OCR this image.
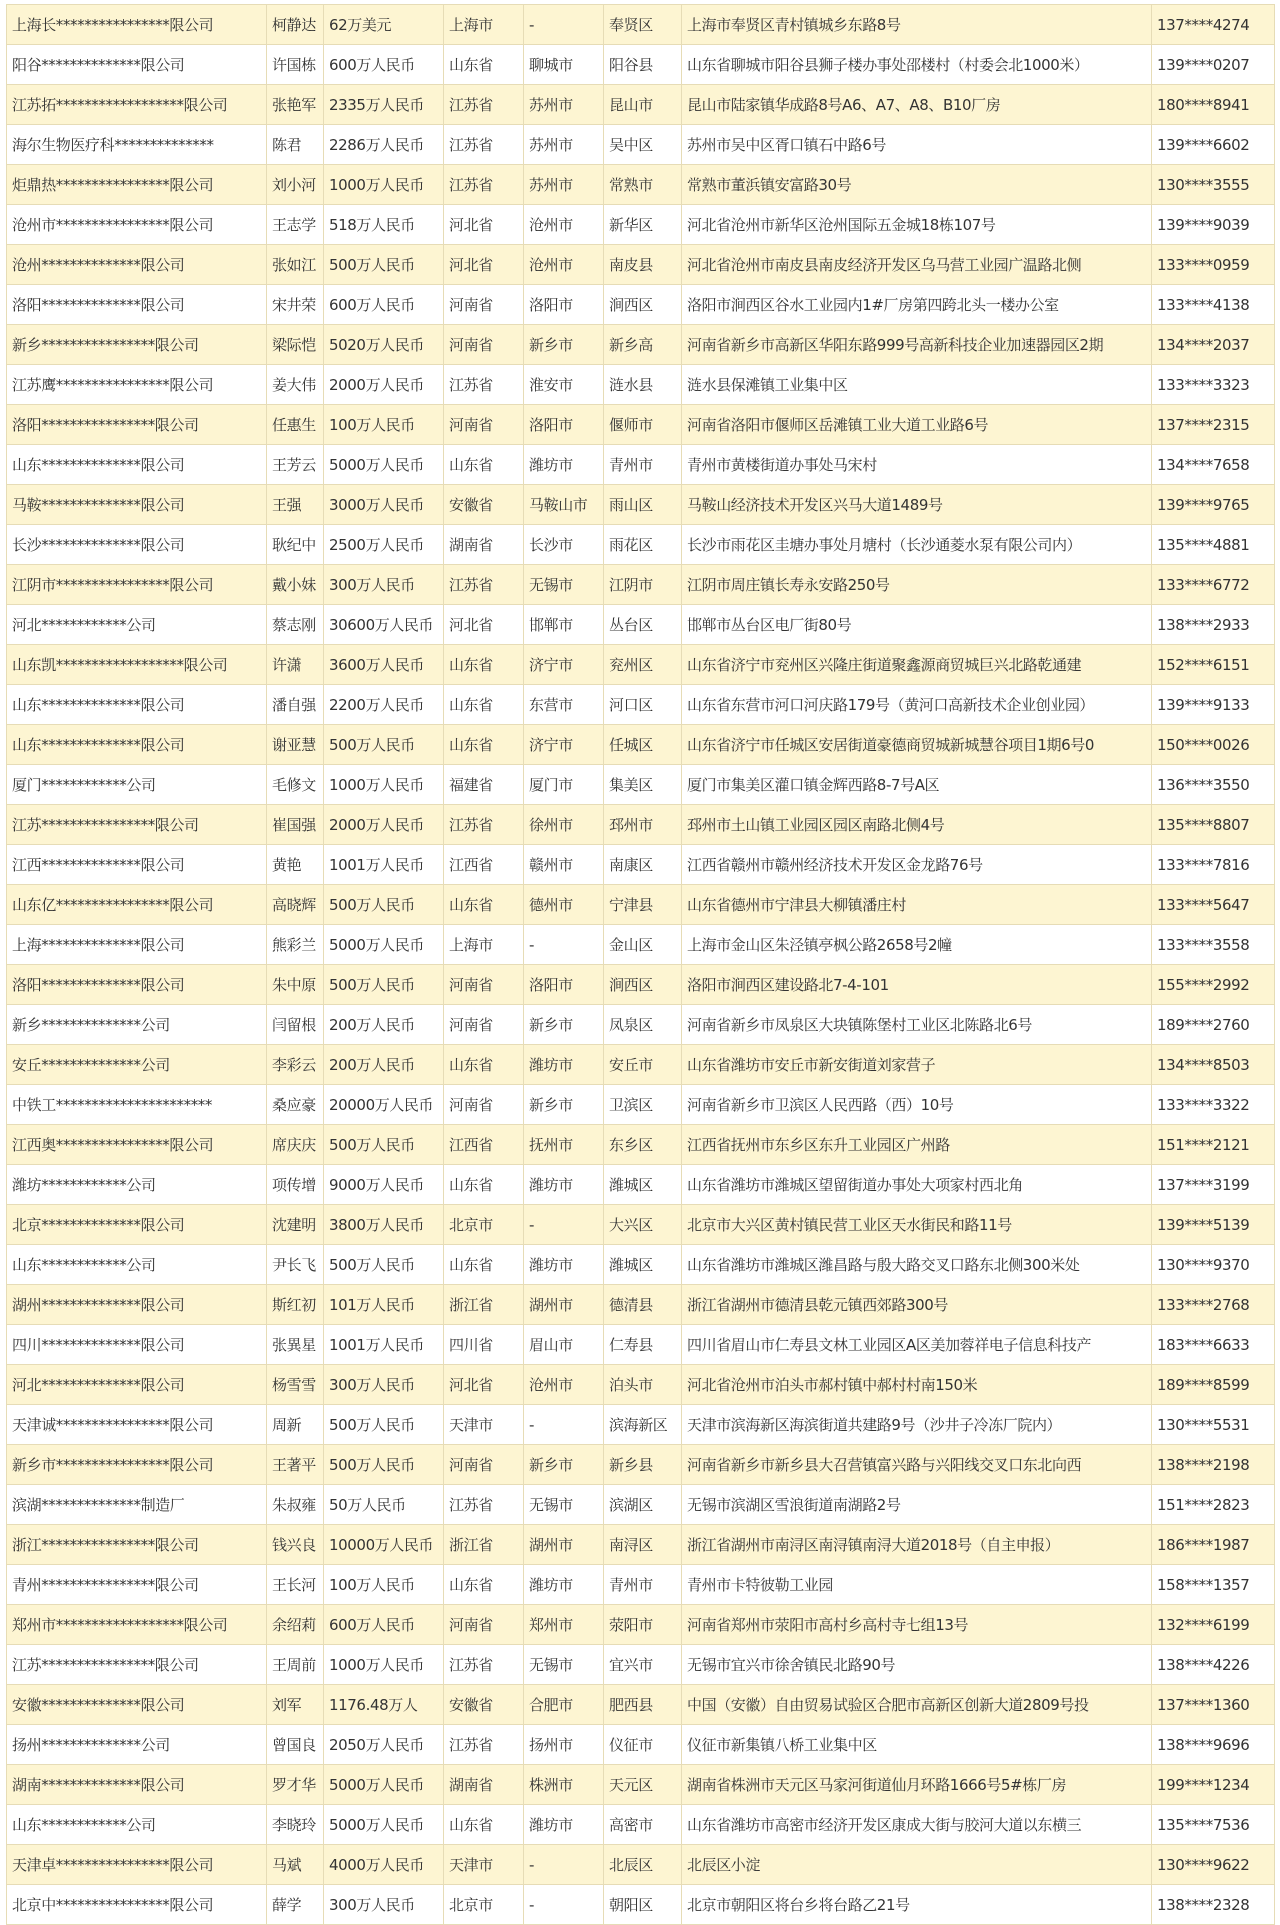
上海长****************限公司	柯静达	62万美元	上海市	-	奉贤区	上海市奉贤区青村镇城乡东路8号	137****4274
阳谷**************限公司	许国栋	600万人民币	山东省	聊城市	阳谷县	山东省聊城市阳谷县狮子楼办事处邵楼村（村委会北1000米）	139****0207
江苏拓******************限公司	张艳军	2335万人民币	江苏省	苏州市	昆山市	昆山市陆家镇华成路8号A6、A7、A8、B10厂房	180****8941
海尔生物医疗科**************	陈君	2286万人民币	江苏省	苏州市	吴中区	苏州市吴中区胥口镇石中路6号	139****6602
炬鼎热****************限公司	刘小河	1000万人民币	江苏省	苏州市	常熟市	常熟市董浜镇安富路30号	130****3555
沧州市****************限公司	王志学	518万人民币	河北省	沧州市	新华区	河北省沧州市新华区沧州国际五金城18栋107号	139****9039
沧州**************限公司	张如江	500万人民币	河北省	沧州市	南皮县	河北省沧州市南皮县南皮经济开发区乌马营工业园广温路北侧	133****0959
洛阳**************限公司	宋井荣	600万人民币	河南省	洛阳市	涧西区	洛阳市涧西区谷水工业园内1#厂房第四跨北头一楼办公室	133****4138
新乡****************限公司	梁际恺	5020万人民币	河南省	新乡市	新乡高	河南省新乡市高新区华阳东路999号高新科技企业加速器园区2期	134****2037
江苏鹰****************限公司	姜大伟	2000万人民币	江苏省	淮安市	涟水县	涟水县保滩镇工业集中区	133****3323
洛阳****************限公司	任惠生	100万人民币	河南省	洛阳市	偃师市	河南省洛阳市偃师区岳滩镇工业大道工业路6号	137****2315
山东**************限公司	王芳云	5000万人民币	山东省	潍坊市	青州市	青州市黄楼街道办事处马宋村	134****7658
马鞍**************限公司	王强	3000万人民币	安徽省	马鞍山市	雨山区	马鞍山经济技术开发区兴马大道1489号	139****9765
长沙**************限公司	耿纪中	2500万人民币	湖南省	长沙市	雨花区	长沙市雨花区圭塘办事处月塘村（长沙通菱水泵有限公司内）	135****4881
江阴市****************限公司	戴小妹	300万人民币	江苏省	无锡市	江阴市	江阴市周庄镇长寿永安路250号	133****6772
河北************公司	蔡志刚	30600万人民币	河北省	邯郸市	丛台区	邯郸市丛台区电厂街80号	138****2933
山东凯******************限公司	许潇	3600万人民币	山东省	济宁市	兖州区	山东省济宁市兖州区兴隆庄街道聚鑫源商贸城巨兴北路乾通建	152****6151
山东**************限公司	潘自强	2200万人民币	山东省	东营市	河口区	山东省东营市河口河庆路179号（黄河口高新技术企业创业园）	139****9133
山东**************限公司	谢亚慧	500万人民币	山东省	济宁市	任城区	山东省济宁市任城区安居街道豪德商贸城新城慧谷项目1期6号0	150****0026
厦门************公司	毛修文	1000万人民币	福建省	厦门市	集美区	厦门市集美区灌口镇金辉西路8-7号A区	136****3550
江苏****************限公司	崔国强	2000万人民币	江苏省	徐州市	邳州市	邳州市土山镇工业园区园区南路北侧4号	135****8807
江西**************限公司	黄艳	1001万人民币	江西省	赣州市	南康区	江西省赣州市赣州经济技术开发区金龙路76号	133****7816
山东亿****************限公司	高晓辉	500万人民币	山东省	德州市	宁津县	山东省德州市宁津县大柳镇潘庄村	133****5647
上海**************限公司	熊彩兰	5000万人民币	上海市	-	金山区	上海市金山区朱泾镇亭枫公路2658号2幢	133****3558
洛阳**************限公司	朱中原	500万人民币	河南省	洛阳市	涧西区	洛阳市涧西区建设路北7-4-101	155****2992
新乡**************公司	闫留根	200万人民币	河南省	新乡市	凤泉区	河南省新乡市凤泉区大块镇陈堡村工业区北陈路北6号	189****2760
安丘**************公司	李彩云	200万人民币	山东省	潍坊市	安丘市	山东省潍坊市安丘市新安街道刘家营子	134****8503
中铁工**********************	桑应豪	20000万人民币	河南省	新乡市	卫滨区	河南省新乡市卫滨区人民西路（西）10号	133****3322
江西奥****************限公司	席庆庆	500万人民币	江西省	抚州市	东乡区	江西省抚州市东乡区东升工业园区广州路	151****2121
潍坊************公司	项传增	9000万人民币	山东省	潍坊市	潍城区	山东省潍坊市潍城区望留街道办事处大项家村西北角	137****3199
北京**************限公司	沈建明	3800万人民币	北京市	-	大兴区	北京市大兴区黄村镇民营工业区天水街民和路11号	139****5139
山东************公司	尹长飞	500万人民币	山东省	潍坊市	潍城区	山东省潍坊市潍城区潍昌路与殷大路交叉口路东北侧300米处	130****9370
湖州**************限公司	斯红初	101万人民币	浙江省	湖州市	德清县	浙江省湖州市德清县乾元镇西郊路300号	133****2768
四川**************限公司	张異星	1001万人民币	四川省	眉山市	仁寿县	四川省眉山市仁寿县文林工业园区A区美加蓉祥电子信息科技产	183****6633
河北**************限公司	杨雪雪	300万人民币	河北省	沧州市	泊头市	河北省沧州市泊头市郝村镇中郝村村南150米	189****8599
天津诚****************限公司	周新	500万人民币	天津市	-	滨海新区	天津市滨海新区海滨街道共建路9号（沙井子冷冻厂院内）	130****5531
新乡市****************限公司	王著平	500万人民币	河南省	新乡市	新乡县	河南省新乡市新乡县大召营镇富兴路与兴阳线交叉口东北向西	138****2198
滨湖**************制造厂	朱叔雍	50万人民币	江苏省	无锡市	滨湖区	无锡市滨湖区雪浪街道南湖路2号	151****2823
浙江****************限公司	钱兴良	10000万人民币	浙江省	湖州市	南浔区	浙江省湖州市南浔区南浔镇南浔大道2018号（自主申报）	186****1987
青州****************限公司	王长河	100万人民币	山东省	潍坊市	青州市	青州市卡特彼勒工业园	158****1357
郑州市******************限公司	余绍莉	600万人民币	河南省	郑州市	荥阳市	河南省郑州市荥阳市高村乡高村寺七组13号	132****6199
江苏****************限公司	王周前	1000万人民币	江苏省	无锡市	宜兴市	无锡市宜兴市徐舍镇民北路90号	138****4226
安徽**************限公司	刘军	1176.48万人	安徽省	合肥市	肥西县	中国（安徽）自由贸易试验区合肥市高新区创新大道2809号投	137****1360
扬州**************公司	曾国良	2050万人民币	江苏省	扬州市	仪征市	仪征市新集镇八桥工业集中区	138****9696
湖南**************限公司	罗才华	5000万人民币	湖南省	株洲市	天元区	湖南省株洲市天元区马家河街道仙月环路1666号5#栋厂房	199****1234
山东************公司	李晓玲	5000万人民币	山东省	潍坊市	高密市	山东省潍坊市高密市经济开发区康成大街与胶河大道以东横三	135****7536
天津卓****************限公司	马斌	4000万人民币	天津市	-	北辰区	北辰区小淀	130****9622
北京中****************限公司	薛学	300万人民币	北京市	-	朝阳区	北京市朝阳区将台乡将台路乙21号	138****2328
